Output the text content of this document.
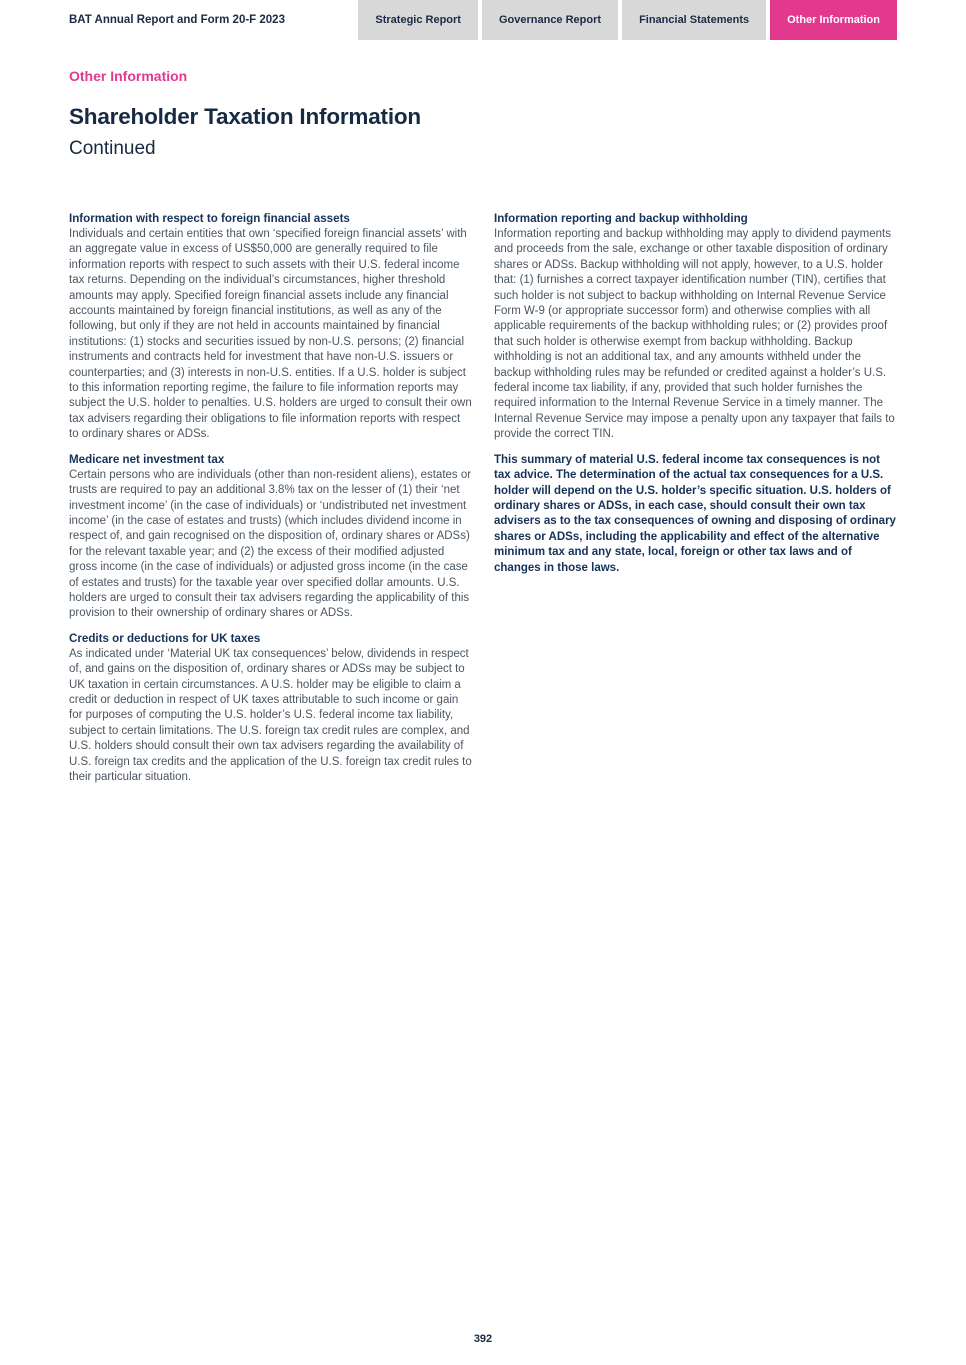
BAT Annual Report and Form 20-F 2023	Strategic Report	Governance Report	Financial Statements	Other Information
Other Information
Shareholder Taxation Information
Continued
Information with respect to foreign financial assets

Individuals and certain entities that own ‘specified foreign financial assets’ with an aggregate value in excess of US$50,000 are generally required to file information reports with respect to such assets with their U.S. federal income tax returns. Depending on the individual’s circumstances, higher threshold amounts may apply. Specified foreign financial assets include any financial accounts maintained by foreign financial institutions, as well as any of the following, but only if they are not held in accounts maintained by financial institutions: (1) stocks and securities issued by non-U.S. persons; (2) financial instruments and contracts held for investment that have non-U.S. issuers or counterparties; and (3) interests in non-U.S. entities. If a U.S. holder is subject to this information reporting regime, the failure to file information reports may subject the U.S. holder to penalties. U.S. holders are urged to consult their own tax advisers regarding their obligations to file information reports with respect to ordinary shares or ADSs.

Medicare net investment tax

Certain persons who are individuals (other than non-resident aliens), estates or trusts are required to pay an additional 3.8% tax on the lesser of (1) their ‘net investment income’ (in the case of individuals) or ‘undistributed net investment income’ (in the case of estates and trusts) (which includes dividend income in respect of, and gain recognised on the disposition of, ordinary shares or ADSs) for the relevant taxable year; and (2) the excess of their modified adjusted gross income (in the case of individuals) or adjusted gross income (in the case of estates and trusts) for the taxable year over specified dollar amounts. U.S. holders are urged to consult their tax advisers regarding the applicability of this provision to their ownership of ordinary shares or ADSs.

Credits or deductions for UK taxes

As indicated under ‘Material UK tax consequences’ below, dividends in respect of, and gains on the disposition of, ordinary shares or ADSs may be subject to UK taxation in certain circumstances. A U.S. holder may be eligible to claim a credit or deduction in respect of UK taxes attributable to such income or gain for purposes of computing the U.S. holder’s U.S. federal income tax liability, subject to certain limitations. The U.S. foreign tax credit rules are complex, and U.S. holders should consult their own tax advisers regarding the availability of U.S. foreign tax credits and the application of the U.S. foreign tax credit rules to their particular situation.

Information reporting and backup withholding

Information reporting and backup withholding may apply to dividend payments and proceeds from the sale, exchange or other taxable disposition of ordinary shares or ADSs. Backup withholding will not apply, however, to a U.S. holder that: (1) furnishes a correct taxpayer identification number (TIN), certifies that such holder is not subject to backup withholding on Internal Revenue Service Form W-9 (or appropriate successor form) and otherwise complies with all applicable requirements of the backup withholding rules; or (2) provides proof that such holder is otherwise exempt from backup withholding. Backup withholding is not an additional tax, and any amounts withheld under the backup withholding rules may be refunded or credited against a holder’s U.S. federal income tax liability, if any, provided that such holder furnishes the required information to the Internal Revenue Service in a timely manner. The Internal Revenue Service may impose a penalty upon any taxpayer that fails to provide the correct TIN.

This summary of material U.S. federal income tax consequences is not tax advice. The determination of the actual tax consequences for a U.S. holder will depend on the U.S. holder’s specific situation. U.S. holders of ordinary shares or ADSs, in each case, should consult their own tax advisers as to the tax consequences of owning and disposing of ordinary shares or ADSs, including the applicability and effect of the alternative minimum tax and any state, local, foreign or other tax laws and of changes in those laws.

392
